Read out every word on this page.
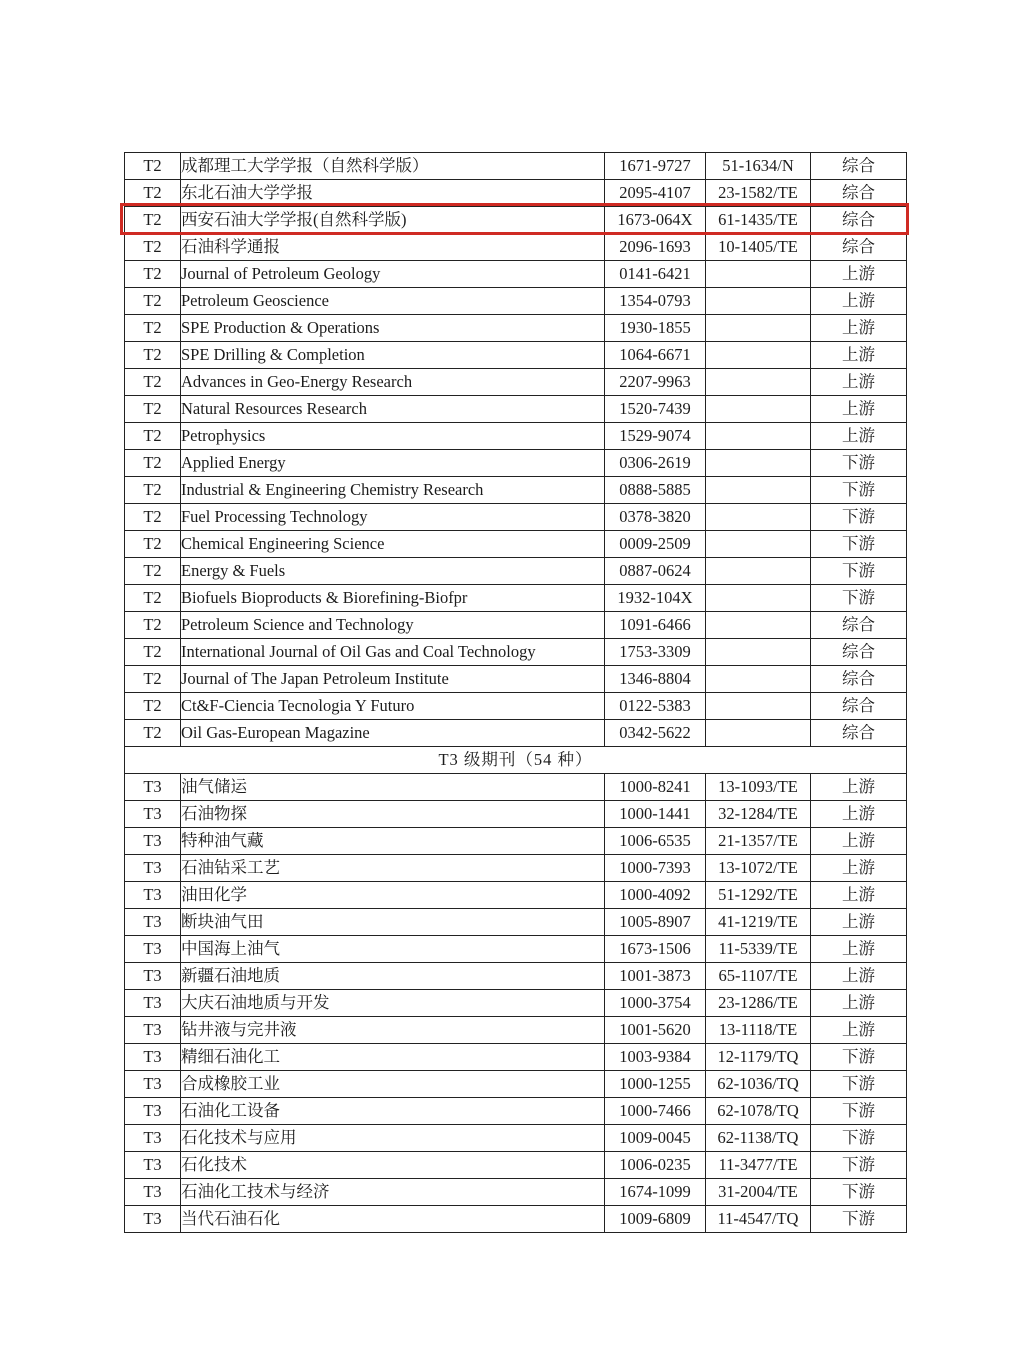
T2	成都理工大学学报（自然科学版）	1671-9727	51-1634/N	综合
T2	东北石油大学学报	2095-4107	23-1582/TE	综合
T2	西安石油大学学报(自然科学版)	1673-064X	61-1435/TE	综合
T2	石油科学通报	2096-1693	10-1405/TE	综合
T2	Journal of Petroleum Geology	0141-6421		上游
T2	Petroleum Geoscience	1354-0793		上游
T2	SPE Production & Operations	1930-1855		上游
T2	SPE Drilling & Completion	1064-6671		上游
T2	Advances in Geo-Energy Research	2207-9963		上游
T2	Natural Resources Research	1520-7439		上游
T2	Petrophysics	1529-9074		上游
T2	Applied Energy	0306-2619		下游
T2	Industrial & Engineering Chemistry Research	0888-5885		下游
T2	Fuel Processing Technology	0378-3820		下游
T2	Chemical Engineering Science	0009-2509		下游
T2	Energy & Fuels	0887-0624		下游
T2	Biofuels Bioproducts & Biorefining-Biofpr	1932-104X		下游
T2	Petroleum Science and Technology	1091-6466		综合
T2	International Journal of Oil Gas and Coal Technology	1753-3309		综合
T2	Journal of The Japan Petroleum Institute	1346-8804		综合
T2	Ct&F-Ciencia Tecnologia Y Futuro	0122-5383		综合
T2	Oil Gas-European Magazine	0342-5622		综合
T3 级期刊（54 种）				
T3	油气储运	1000-8241	13-1093/TE	上游
T3	石油物探	1000-1441	32-1284/TE	上游
T3	特种油气藏	1006-6535	21-1357/TE	上游
T3	石油钻采工艺	1000-7393	13-1072/TE	上游
T3	油田化学	1000-4092	51-1292/TE	上游
T3	断块油气田	1005-8907	41-1219/TE	上游
T3	中国海上油气	1673-1506	11-5339/TE	上游
T3	新疆石油地质	1001-3873	65-1107/TE	上游
T3	大庆石油地质与开发	1000-3754	23-1286/TE	上游
T3	钻井液与完井液	1001-5620	13-1118/TE	上游
T3	精细石油化工	1003-9384	12-1179/TQ	下游
T3	合成橡胶工业	1000-1255	62-1036/TQ	下游
T3	石油化工设备	1000-7466	62-1078/TQ	下游
T3	石化技术与应用	1009-0045	62-1138/TQ	下游
T3	石化技术	1006-0235	11-3477/TE	下游
T3	石油化工技术与经济	1674-1099	31-2004/TE	下游
T3	当代石油石化	1009-6809	11-4547/TQ	下游
